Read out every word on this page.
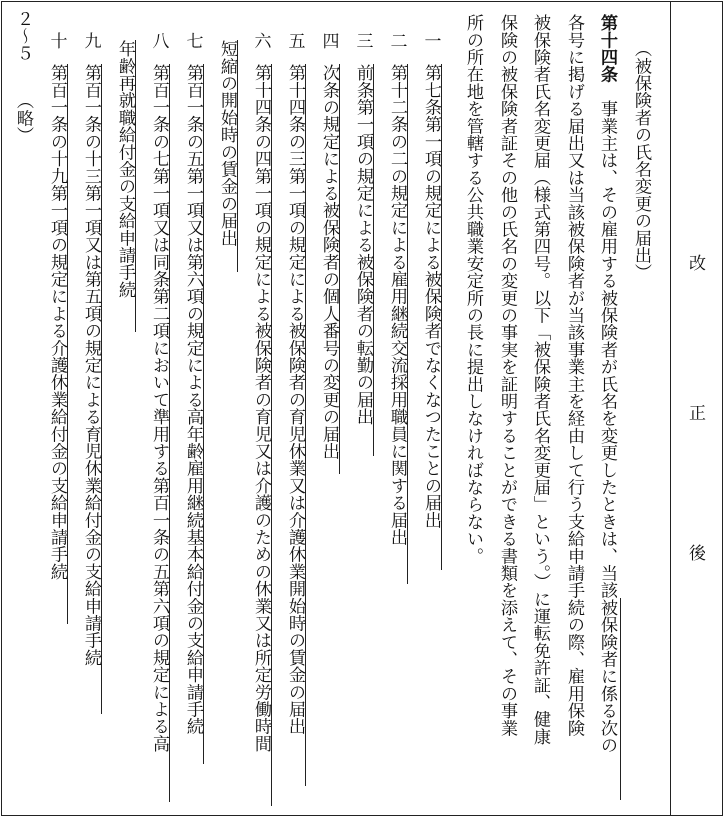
改
正
後
（被保険者の氏名変更の届出）
第十四条
事業主は、その雇用する被保険者が氏名を変更したときは、当該被保険者に係る次の
各号に掲げる届出又は当該被保険者が当該事業主を経由して行う支給申請手続の際、雇用保険
被保険者氏名変更届（様式第四号。以下「被保険者氏名変更届」という。）に運転免許証、健康
保険の被保険者証その他の氏名の変更の事実を証明することができる書類を添えて、その事業
所の所在地を管轄する公共職業安定所の長に提出しなければならない。
一
第七条第一項の規定による被保険者でなくなつたことの届出
二
第十二条の二の規定による雇用継続交流採用職員に関する届出
三
前条第一項の規定による被保険者の転勤の届出
四
次条の規定による被保険者の個人番号の変更の届出
五
第十四条の三第一項の規定による被保険者の育児休業又は介護休業開始時の賃金の届出
六
第十四条の四第一項の規定による被保険者の育児又は介護のための休業又は所定労働時間
短縮の開始時の賃金の届出
七
第百一条の五第一項又は第六項の規定による高年齢雇用継続基本給付金の支給申請手続
八
第百一条の七第一項又は同条第二項において準用する第百一条の五第六項の規定による高
年齢再就職給付金の支給申請手続
九
第百一条の十三第一項又は第五項の規定による育児休業給付金の支給申請手続
十
第百一条の十九第一項の規定による介護休業給付金の支給申請手続
２～５
（略）
